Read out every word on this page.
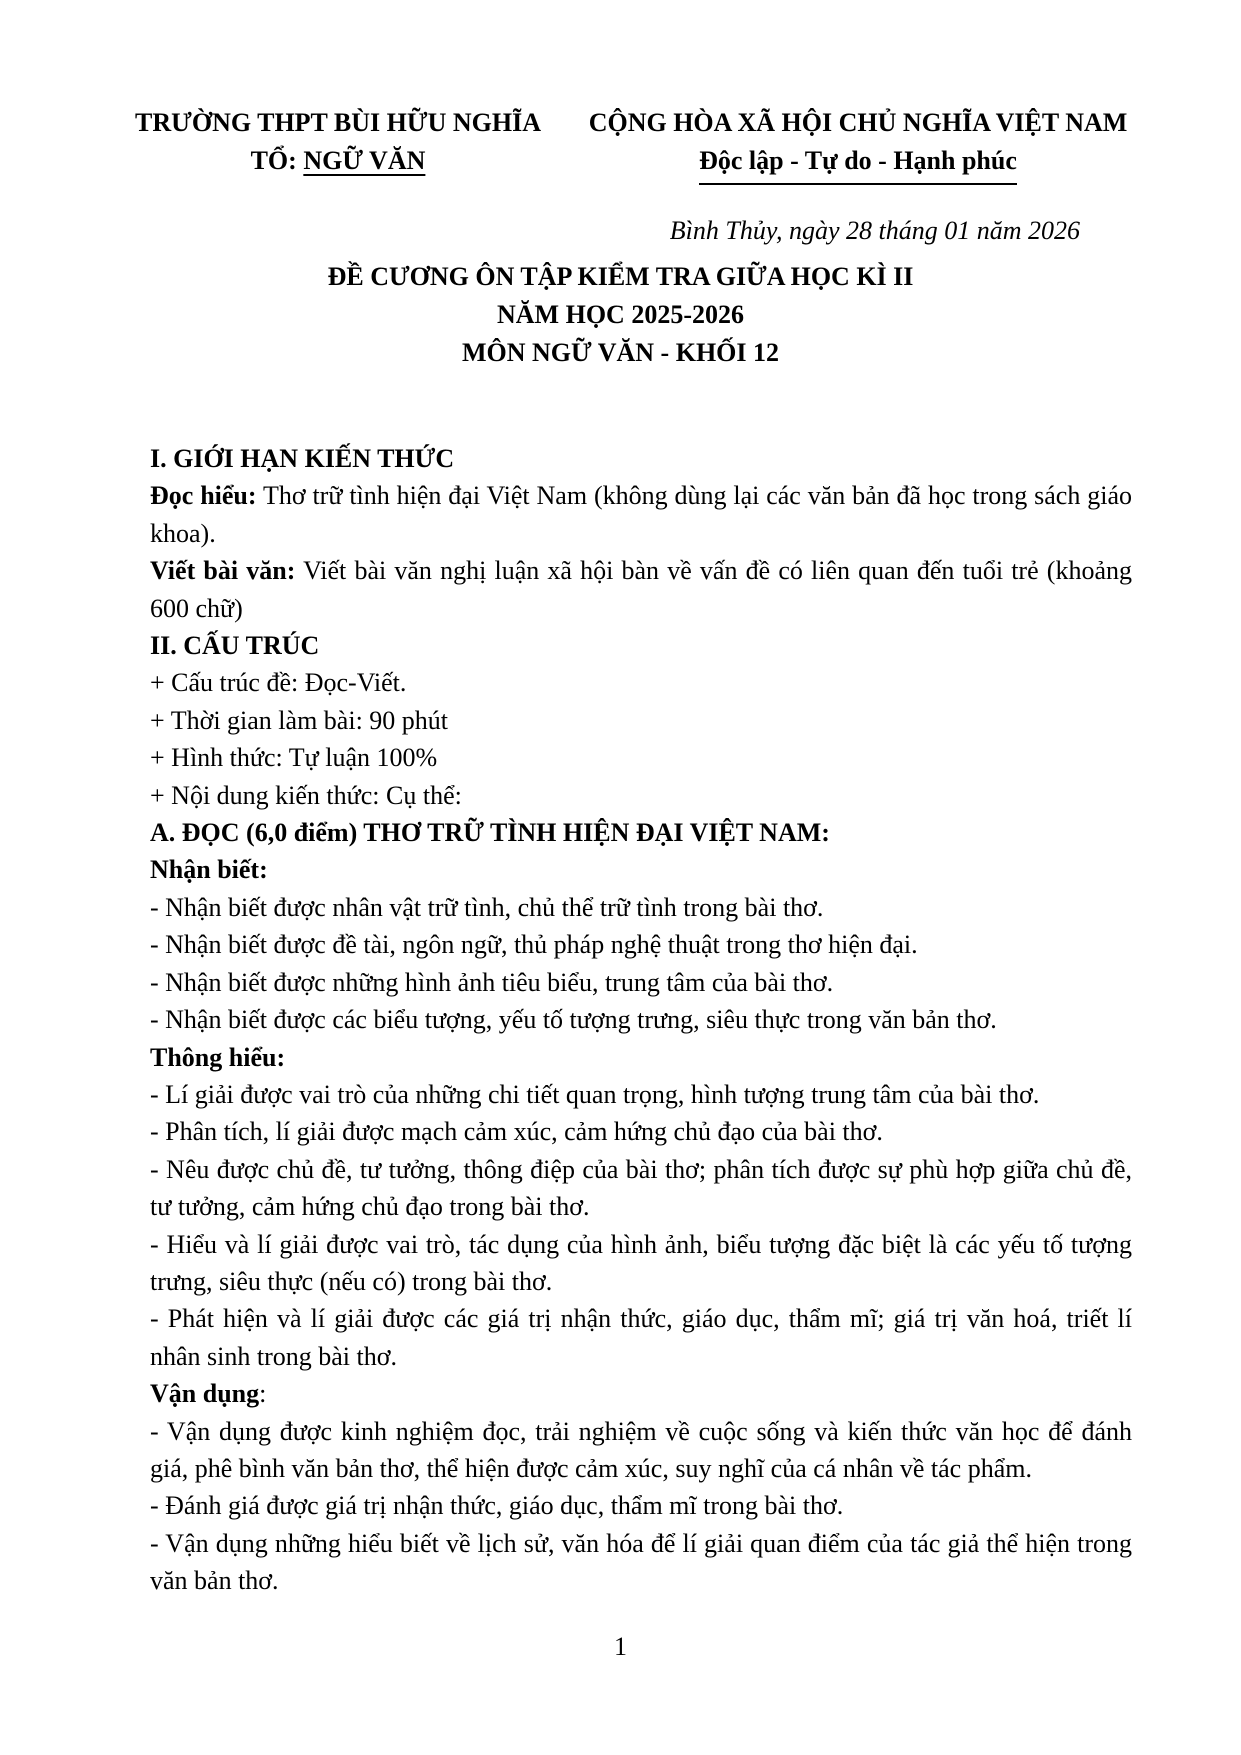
TRƯỜNG THPT BÙI HỮU NGHĨA
TỔ: NGỮ VĂN
CỘNG HÒA XÃ HỘI CHỦ NGHĨA VIỆT NAM
Độc lập - Tự do - Hạnh phúc
Bình Thủy, ngày 28 tháng 01 năm 2026
ĐỀ CƯƠNG ÔN TẬP KIỂM TRA GIỮA HỌC KÌ II
NĂM HỌC 2025-2026
MÔN NGỮ VĂN - KHỐI 12

I. GIỚI HẠN KIẾN THỨC

Đọc hiểu: Thơ trữ tình hiện đại Việt Nam (không dùng lại các văn bản đã học trong sách giáo khoa).

Viết bài văn: Viết bài văn nghị luận xã hội bàn về vấn đề có liên quan đến tuổi trẻ (khoảng 600 chữ)

II. CẤU TRÚC

+ Cấu trúc đề: Đọc-Viết.

+ Thời gian làm bài: 90 phút

+ Hình thức: Tự luận 100%

+ Nội dung kiến thức: Cụ thể:

A. ĐỌC (6,0 điểm) THƠ TRỮ TÌNH HIỆN ĐẠI VIỆT NAM:

Nhận biết:

- Nhận biết được nhân vật trữ tình, chủ thể trữ tình trong bài thơ.

- Nhận biết được đề tài, ngôn ngữ, thủ pháp nghệ thuật trong thơ hiện đại.

- Nhận biết được những hình ảnh tiêu biểu, trung tâm của bài thơ.

- Nhận biết được các biểu tượng, yếu tố tượng trưng, siêu thực trong văn bản thơ.

Thông hiểu:

- Lí giải được vai trò của những chi tiết quan trọng, hình tượng trung tâm của bài thơ.

- Phân tích, lí giải được mạch cảm xúc, cảm hứng chủ đạo của bài thơ.

- Nêu được chủ đề, tư tưởng, thông điệp của bài thơ; phân tích được sự phù hợp giữa chủ đề, tư tưởng, cảm hứng chủ đạo trong bài thơ.

- Hiểu và lí giải được vai trò, tác dụng của hình ảnh, biểu tượng đặc biệt là các yếu tố tượng trưng, siêu thực (nếu có) trong bài thơ.

- Phát hiện và lí giải được các giá trị nhận thức, giáo dục, thẩm mĩ; giá trị văn hoá, triết lí nhân sinh trong bài thơ.

Vận dụng:

- Vận dụng được kinh nghiệm đọc, trải nghiệm về cuộc sống và kiến thức văn học để đánh giá, phê bình văn bản thơ, thể hiện được cảm xúc, suy nghĩ của cá nhân về tác phẩm.

- Đánh giá được giá trị nhận thức, giáo dục, thẩm mĩ trong bài thơ.

- Vận dụng những hiểu biết về lịch sử, văn hóa để lí giải quan điểm của tác giả thể hiện trong văn bản thơ.

1
